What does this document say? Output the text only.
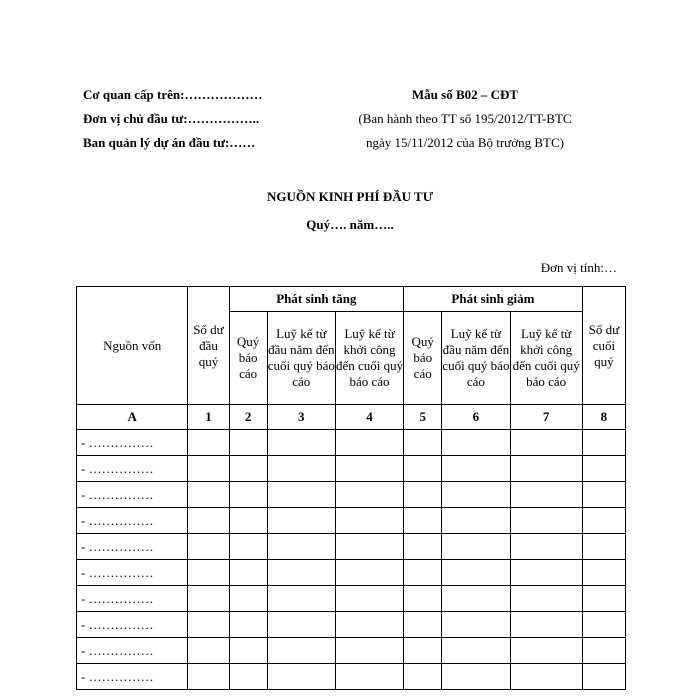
Cơ quan cấp trên:………………
Đơn vị chủ đầu tư:……………..
Ban quản lý dự án đầu tư:……
Mẫu số B02 – CĐT
(Ban hành theo TT số 195/2012/TT-BTC
ngày 15/11/2012 của Bộ trưởng BTC)
NGUỒN KINH PHÍ ĐẦU TƯ
Quý…. năm…..
Đơn vị tính:…
Nguồn vốn	Số dư đầu quý	Phát sinh tăng			Phát sinh giảm			Số dư cuối quý
		Quý báo cáo	Luỹ kế từ đầu năm đến cuối quý báo cáo	Luỹ kế từ khởi công đến cuối quý báo cáo	Quý báo cáo	Luỹ kế từ đầu năm đến cuối quý báo cáo	Luỹ kế từ khởi công đến cuối quý báo cáo	
A	1	2	3	4	5	6	7	8
- ……………								
- ……………								
- ……………								
- ……………								
- ……………								
- ……………								
- ……………								
- ……………								
- ……………								
- ……………								
